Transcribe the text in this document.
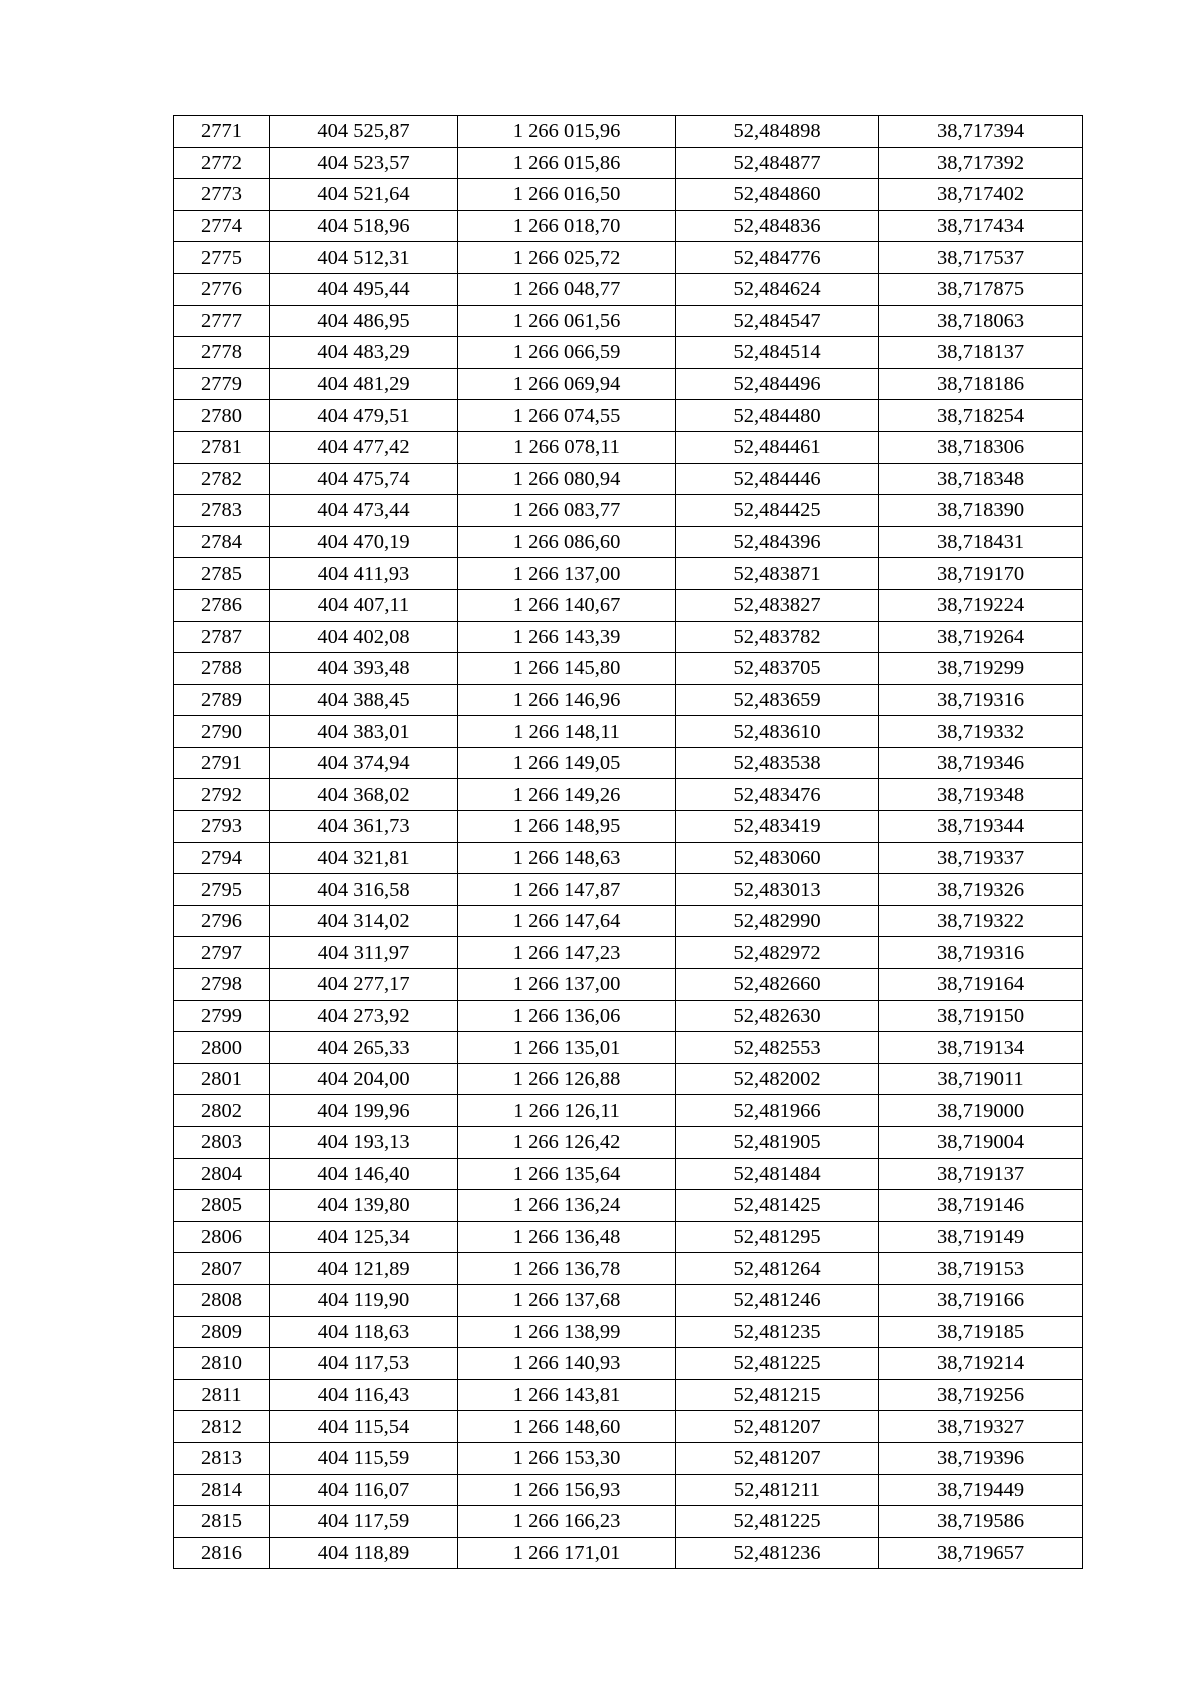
2771	404 525,87	1 266 015,96	52,484898	38,717394
2772	404 523,57	1 266 015,86	52,484877	38,717392
2773	404 521,64	1 266 016,50	52,484860	38,717402
2774	404 518,96	1 266 018,70	52,484836	38,717434
2775	404 512,31	1 266 025,72	52,484776	38,717537
2776	404 495,44	1 266 048,77	52,484624	38,717875
2777	404 486,95	1 266 061,56	52,484547	38,718063
2778	404 483,29	1 266 066,59	52,484514	38,718137
2779	404 481,29	1 266 069,94	52,484496	38,718186
2780	404 479,51	1 266 074,55	52,484480	38,718254
2781	404 477,42	1 266 078,11	52,484461	38,718306
2782	404 475,74	1 266 080,94	52,484446	38,718348
2783	404 473,44	1 266 083,77	52,484425	38,718390
2784	404 470,19	1 266 086,60	52,484396	38,718431
2785	404 411,93	1 266 137,00	52,483871	38,719170
2786	404 407,11	1 266 140,67	52,483827	38,719224
2787	404 402,08	1 266 143,39	52,483782	38,719264
2788	404 393,48	1 266 145,80	52,483705	38,719299
2789	404 388,45	1 266 146,96	52,483659	38,719316
2790	404 383,01	1 266 148,11	52,483610	38,719332
2791	404 374,94	1 266 149,05	52,483538	38,719346
2792	404 368,02	1 266 149,26	52,483476	38,719348
2793	404 361,73	1 266 148,95	52,483419	38,719344
2794	404 321,81	1 266 148,63	52,483060	38,719337
2795	404 316,58	1 266 147,87	52,483013	38,719326
2796	404 314,02	1 266 147,64	52,482990	38,719322
2797	404 311,97	1 266 147,23	52,482972	38,719316
2798	404 277,17	1 266 137,00	52,482660	38,719164
2799	404 273,92	1 266 136,06	52,482630	38,719150
2800	404 265,33	1 266 135,01	52,482553	38,719134
2801	404 204,00	1 266 126,88	52,482002	38,719011
2802	404 199,96	1 266 126,11	52,481966	38,719000
2803	404 193,13	1 266 126,42	52,481905	38,719004
2804	404 146,40	1 266 135,64	52,481484	38,719137
2805	404 139,80	1 266 136,24	52,481425	38,719146
2806	404 125,34	1 266 136,48	52,481295	38,719149
2807	404 121,89	1 266 136,78	52,481264	38,719153
2808	404 119,90	1 266 137,68	52,481246	38,719166
2809	404 118,63	1 266 138,99	52,481235	38,719185
2810	404 117,53	1 266 140,93	52,481225	38,719214
2811	404 116,43	1 266 143,81	52,481215	38,719256
2812	404 115,54	1 266 148,60	52,481207	38,719327
2813	404 115,59	1 266 153,30	52,481207	38,719396
2814	404 116,07	1 266 156,93	52,481211	38,719449
2815	404 117,59	1 266 166,23	52,481225	38,719586
2816	404 118,89	1 266 171,01	52,481236	38,719657
